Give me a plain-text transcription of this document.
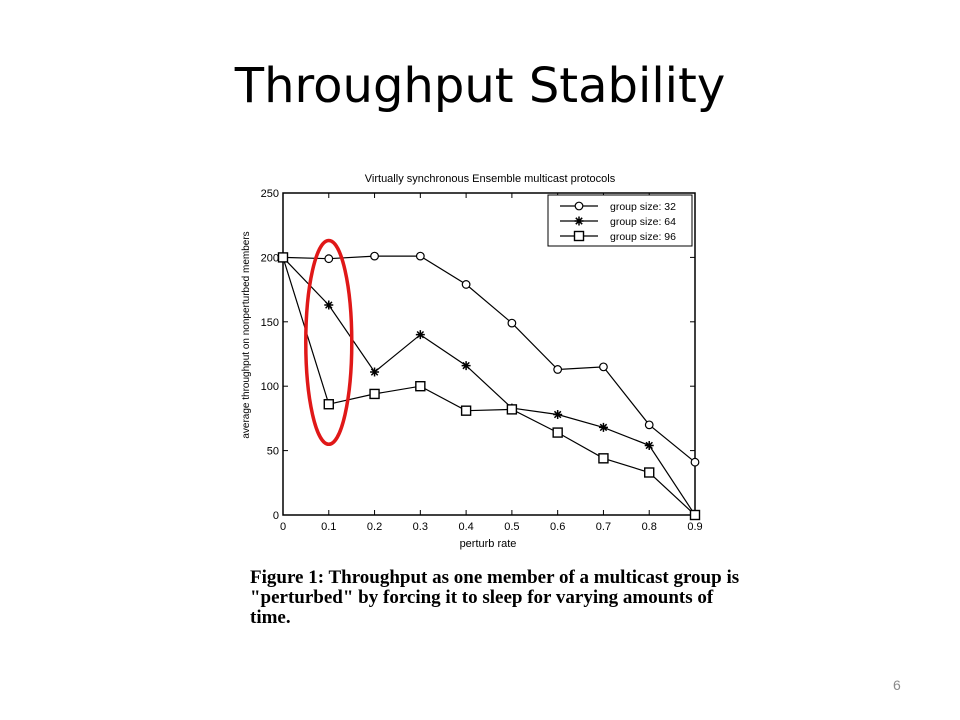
Throughput Stability
Virtually synchronous Ensemble multicast protocols
0	0.1	0.2	0.3	0.4	0.5	0.6	0.7	0.8	0.9
0
50
100
150
200
250
group size: 32
group size: 64
group size: 96
perturb rate
average throughput on nonperturbed members

Figure 1: Throughput as one member of a multicast group is "perturbed" by forcing it to sleep for varying amounts of time.

6
